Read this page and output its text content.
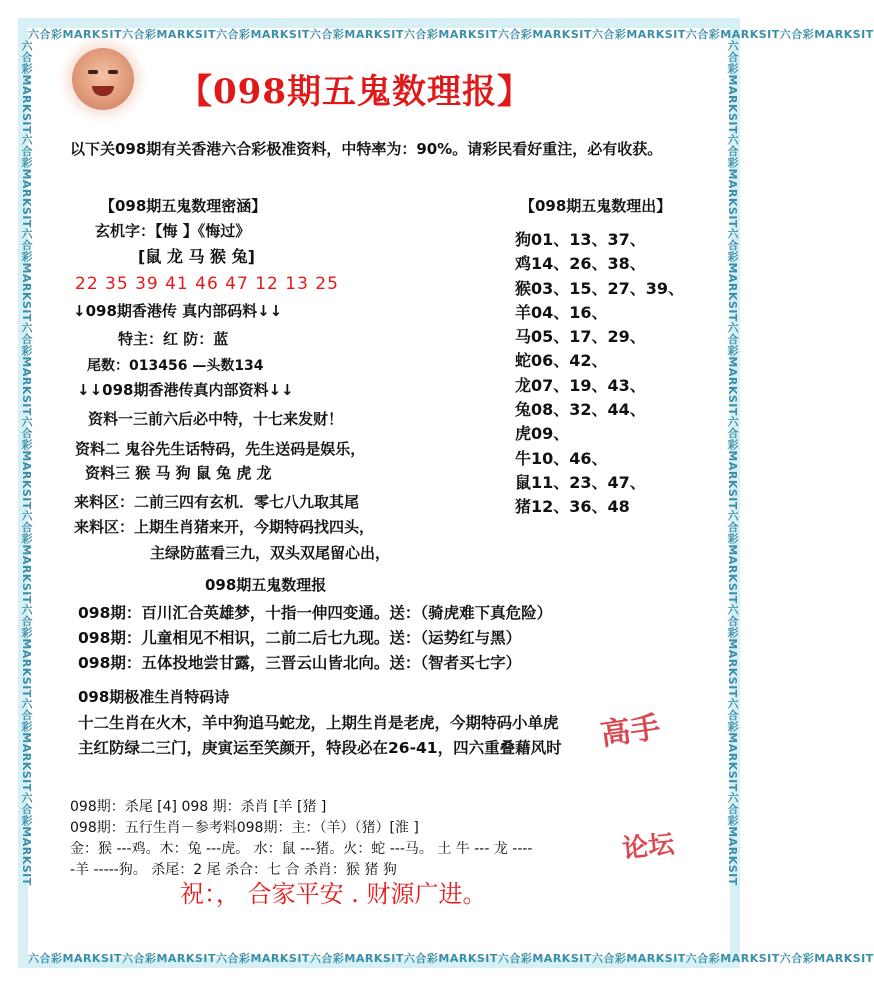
六合彩MARKSIT六合彩MARKSIT六合彩MARKSIT六合彩MARKSIT六合彩MARKSIT六合彩MARKSIT六合彩MARKSIT六合彩MARKSIT六合彩MARKSIT
六合彩MARKSIT六合彩MARKSIT六合彩MARKSIT六合彩MARKSIT六合彩MARKSIT六合彩MARKSIT六合彩MARKSIT六合彩MARKSIT六合彩MARKSIT
六合彩MARKSIT六合彩MARKSIT六合彩MARKSIT六合彩MARKSIT六合彩MARKSIT六合彩MARKSIT六合彩MARKSIT六合彩MARKSIT六合彩MARKSIT	六合彩MARKSIT六合彩MARKSIT六合彩MARKSIT六合彩MARKSIT六合彩MARKSIT六合彩MARKSIT六合彩MARKSIT六合彩MARKSIT六合彩MARKSIT
【098期五鬼数理报】
以下关098期有关香港六合彩极准资料，中特率为：90%。请彩民看好重注，必有收获。
【098期五鬼数理密涵】
玄机字：【悔 】《悔过》
[鼠 龙 马 猴 兔]
22 35 39 41 46 47 12 13 25
↓098期香港传 真内部码料↓↓
特主：红 防：蓝
尾数：013456 —头数134
↓↓098期香港传真内部资料↓↓
资料一三前六后必中特，十七来发财！
资料二 鬼谷先生话特码，先生送码是娱乐，
资料三 猴 马 狗 鼠 兔 虎 龙
来料区：二前三四有玄机．零七八九取其尾
来料区：上期生肖猪来开，今期特码找四头，
主绿防蓝看三九，双头双尾留心出，
【098期五鬼数理出】
狗01、13、37、
鸡14、26、38、
猴03、15、27、39、
羊04、16、
马05、17、29、
蛇06、42、
龙07、19、43、
兔08、32、44、
虎09、
牛10、46、
鼠11、23、47、
猪12、36、48
098期五鬼数理报
098期：百川汇合英雄梦，十指一伸四变通。送：（骑虎难下真危险）
098期：儿童相见不相识，二前二后七九现。送：（运势红与黑）
098期：五体投地尝甘露，三晋云山皆北向。送：（智者买七字）
098期极准生肖特码诗
十二生肖在火木，羊中狗追马蛇龙，上期生肖是老虎，今期特码小单虎
主红防绿二三门，庚寅运至笑颜开，特段必在26-41，四六重叠藉风时 高手
论坛
098期：杀尾 [4] 098 期：杀肖 [羊 [猪 ]
098期：五行生肖－参考料098期：主：（羊）（猪）[淮 ]
金：猴 ---鸡。木：兔 ---虎。 水：鼠 ---猪。火：蛇 ---马。 土 牛 --- 龙 ----
-羊 -----狗。 杀尾：2 尾 杀合：七 合 杀肖：猴 猪 狗
祝：， 合家平安 . 财源广进。
